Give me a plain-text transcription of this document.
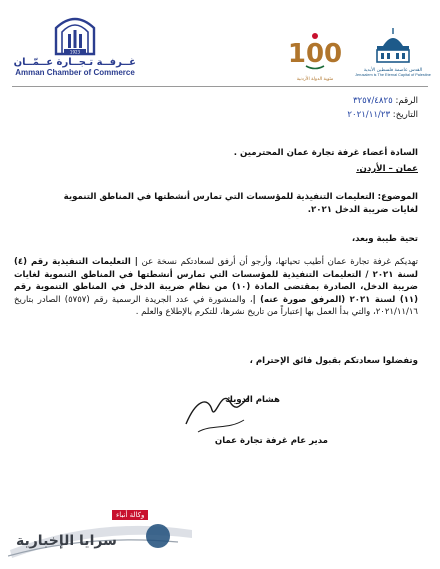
1923
غــرفــة تـجــارة عــمّــان
Amman Chamber of Commerce
100
مئوية الدولة الأردنية
القدس عاصمة فلسطين الأبدية
Jerusalem is The Eternal Capital of Palestine
الرقم: ٣٢٥٧/٤٨٢٥
التاريخ: ٢٠٢١/١١/٢٣
السادة أعضاء غرفة تجارة عمان المحترمين .
عمان – الأردن.
الموضوع: التعليمات التنفيذية للمؤسسات التي تمارس أنشطتها في المناطق التنموية
لغايات ضريبة الدخل ٢٠٢١.
تحية طيبة وبعد،

تهديكم غرفة تجارة عمان أطيب تحياتها، وأرجو أن أرفق لسعادتكم نسخة عن | التعليمات التنفيذية رقم (٤) لسنة ٢٠٢١ / التعليمات التنفيذية للمؤسسات التي تمارس أنشطتها في المناطق التنموية لغايات ضريبة الدخل، الصادرة بمقتضى المادة (١٠) من نظام ضريبة الدخل في المناطق التنموية رقم (١١) لسنة ٢٠٢١ (المرفق صورة عنه) |، والمنشورة في عدد الجريدة الرسمية رقم (٥٧٥٧) الصادر بتاريخ ٢٠٢١/١١/١٦، والتي بدأ العمل بها إعتباراً من تاريخ نشرها، للتكرم بالإطلاع والعلم .

وتفضلوا سعادتكم بقبول فائق الإحترام ،
هشام الدويك
مدير عام غرفة تجارة عمان
وكالة أنباء
سرايا الإخبارية
